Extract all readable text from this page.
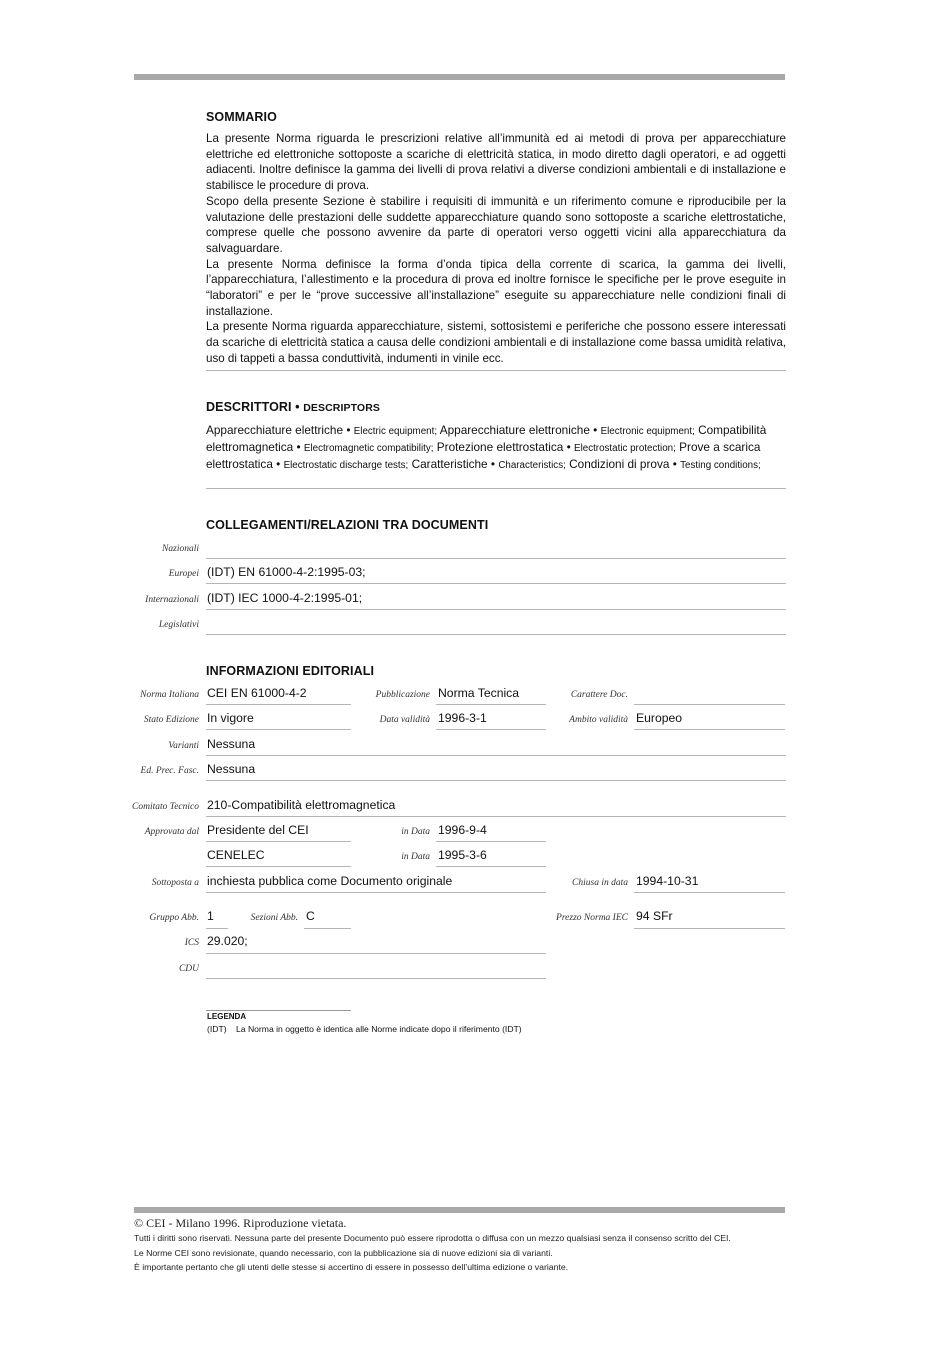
SOMMARIO

La presente Norma riguarda le prescrizioni relative all’immunità ed ai metodi di prova per apparecchiature elettriche ed elettroniche sottoposte a scariche di elettricità statica, in modo diretto dagli operatori, e ad oggetti adiacenti. Inoltre definisce la gamma dei livelli di prova relativi a diverse condizioni ambientali e di installazione e stabilisce le procedure di prova.

Scopo della presente Sezione è stabilire i requisiti di immunità e un riferimento comune e riproducibile per la valutazione delle prestazioni delle suddette apparecchiature quando sono sottoposte a scariche elettrostatiche, comprese quelle che possono avvenire da parte di operatori verso oggetti vicini alla apparecchiatura da salvaguardare.

La presente Norma definisce la forma d’onda tipica della corrente di scarica, la gamma dei livelli, l’apparecchiatura, l’allestimento e la procedura di prova ed inoltre fornisce le specifiche per le prove eseguite in “laboratori” e per le “prove successive all’installazione” eseguite su apparecchiature nelle condizioni finali di installazione.

La presente Norma riguarda apparecchiature, sistemi, sottosistemi e periferiche che possono essere interessati da scariche di elettricità statica a causa delle condizioni ambientali e di installazione come bassa umidità relativa, uso di tappeti a bassa conduttività, indumenti in vinile ecc.

DESCRITTORI • DESCRIPTORS
Apparecchiature elettriche • Electric equipment; Apparecchiature elettroniche • Electronic equipment; Compatibilità elettromagnetica • Electromagnetic compatibility; Protezione elettrostatica • Electrostatic protection; Prove a scarica elettrostatica • Electrostatic discharge tests; Caratteristiche • Characteristics; Condizioni di prova • Testing conditions;
COLLEGAMENTI/RELAZIONI TRA DOCUMENTI
Nazionali
Europei (IDT) EN 61000-4-2:1995-03;
Internazionali (IDT) IEC 1000-4-2:1995-01;
Legislativi
INFORMAZIONI EDITORIALI
Norma Italiana CEI EN 61000-4-2	Pubblicazione Norma Tecnica	Carattere Doc.
Stato Edizione In vigore	Data validità 1996-3-1	Ambito validità Europeo
Varianti Nessuna
Ed. Prec. Fasc. Nessuna
Comitato Tecnico 210-Compatibilità elettromagnetica
Approvata dal Presidente del CEI	in Data 1996-9-4
CENELEC	in Data 1995-3-6
Sottoposta a inchiesta pubblica come Documento originale	Chiusa in data 1994-10-31
Gruppo Abb. 1	Sezioni Abb. C	Prezzo Norma IEC 94 SFr
ICS 29.020;
CDU
LEGENDA
(IDT) La Norma in oggetto è identica alle Norme indicate dopo il riferimento (IDT)
© CEI - Milano 1996. Riproduzione vietata.
Tutti i diritti sono riservati. Nessuna parte del presente Documento può essere riprodotta o diffusa con un mezzo qualsiasi senza il consenso scritto del CEI.
Le Norme CEI sono revisionate, quando necessario, con la pubblicazione sia di nuove edizioni sia di varianti.
È importante pertanto che gli utenti delle stesse si accertino di essere in possesso dell’ultima edizione o variante.
